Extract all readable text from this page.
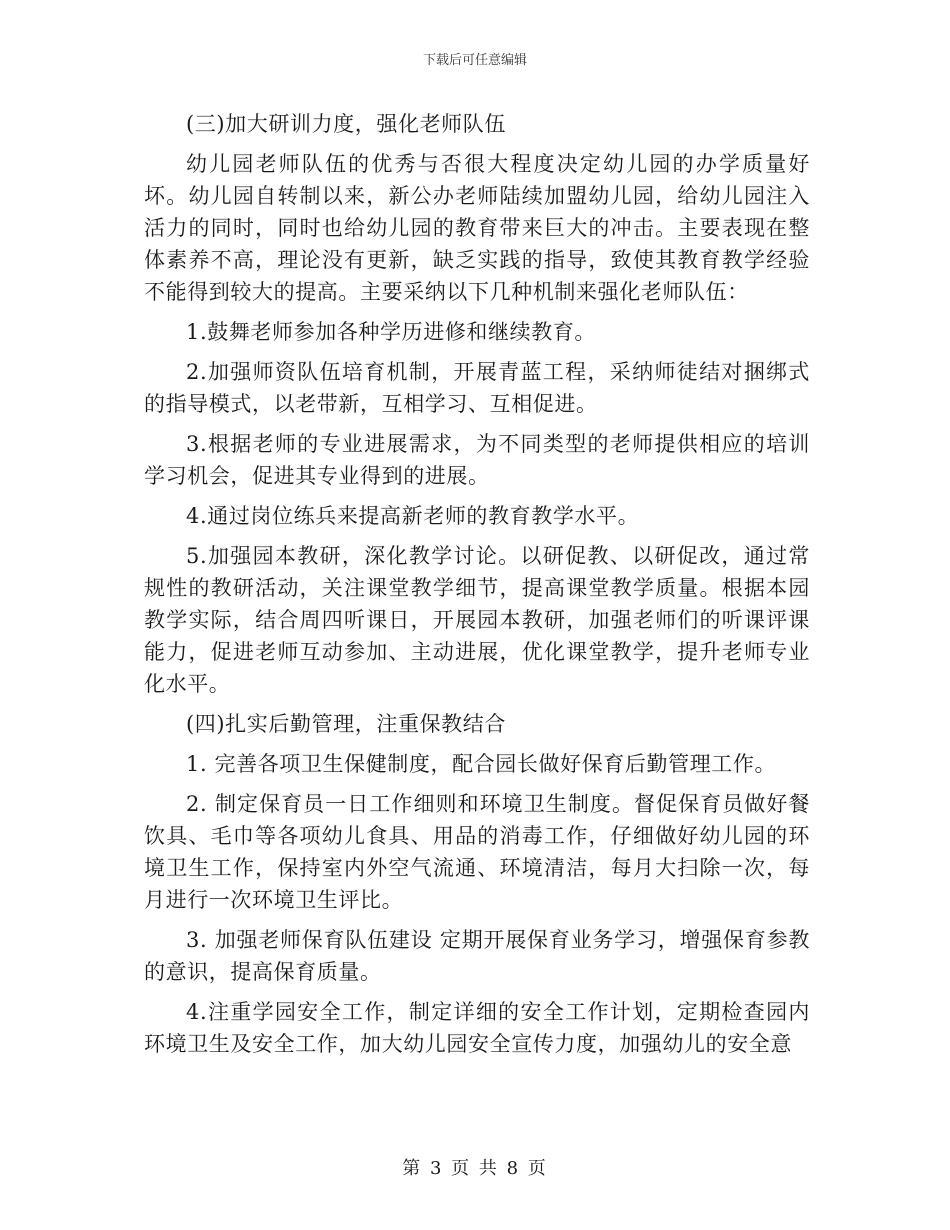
下载后可任意编辑

(三)加大研训力度，强化老师队伍

幼儿园老师队伍的优秀与否很大程度决定幼儿园的办学质量好坏。幼儿园自转制以来，新公办老师陆续加盟幼儿园，给幼儿园注入活力的同时，同时也给幼儿园的教育带来巨大的冲击。主要表现在整体素养不高，理论没有更新，缺乏实践的指导，致使其教育教学经验不能得到较大的提高。主要采纳以下几种机制来强化老师队伍：

1.鼓舞老师参加各种学历进修和继续教育。

2.加强师资队伍培育机制，开展青蓝工程，采纳师徒结对捆绑式的指导模式，以老带新，互相学习、互相促进。

3.根据老师的专业进展需求，为不同类型的老师提供相应的培训学习机会，促进其专业得到的进展。

4.通过岗位练兵来提高新老师的教育教学水平。

5.加强园本教研，深化教学讨论。以研促教、以研促改，通过常规性的教研活动，关注课堂教学细节，提高课堂教学质量。根据本园教学实际，结合周四听课日，开展园本教研，加强老师们的听课评课能力，促进老师互动参加、主动进展，优化课堂教学，提升老师专业化水平。

(四)扎实后勤管理，注重保教结合

1. 完善各项卫生保健制度，配合园长做好保育后勤管理工作。

2. 制定保育员一日工作细则和环境卫生制度。督促保育员做好餐饮具、毛巾等各项幼儿食具、用品的消毒工作，仔细做好幼儿园的环境卫生工作，保持室内外空气流通、环境清洁，每月大扫除一次，每月进行一次环境卫生评比。

3. 加强老师保育队伍建设 定期开展保育业务学习，增强保育参教的意识，提高保育质量。

4.注重学园安全工作，制定详细的安全工作计划，定期检查园内环境卫生及安全工作，加大幼儿园安全宣传力度，加强幼儿的安全意

第 3 页 共 8 页
